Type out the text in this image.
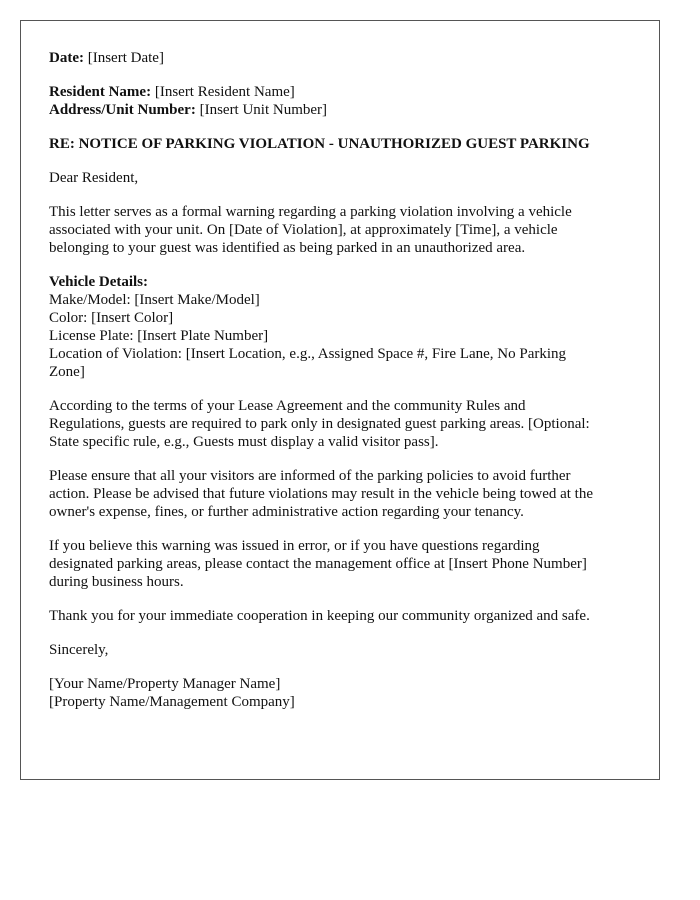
Date: [Insert Date]
Resident Name: [Insert Resident Name]
Address/Unit Number: [Insert Unit Number]
RE: NOTICE OF PARKING VIOLATION - UNAUTHORIZED GUEST PARKING
Dear Resident,
This letter serves as a formal warning regarding a parking violation involving a vehicle
associated with your unit. On [Date of Violation], at approximately [Time], a vehicle
belonging to your guest was identified as being parked in an unauthorized area.
Vehicle Details:
Make/Model: [Insert Make/Model]
Color: [Insert Color]
License Plate: [Insert Plate Number]
Location of Violation: [Insert Location, e.g., Assigned Space #, Fire Lane, No Parking
Zone]
According to the terms of your Lease Agreement and the community Rules and
Regulations, guests are required to park only in designated guest parking areas. [Optional:
State specific rule, e.g., Guests must display a valid visitor pass].
Please ensure that all your visitors are informed of the parking policies to avoid further
action. Please be advised that future violations may result in the vehicle being towed at the
owner's expense, fines, or further administrative action regarding your tenancy.
If you believe this warning was issued in error, or if you have questions regarding
designated parking areas, please contact the management office at [Insert Phone Number]
during business hours.
Thank you for your immediate cooperation in keeping our community organized and safe.
Sincerely,
[Your Name/Property Manager Name]
[Property Name/Management Company]
